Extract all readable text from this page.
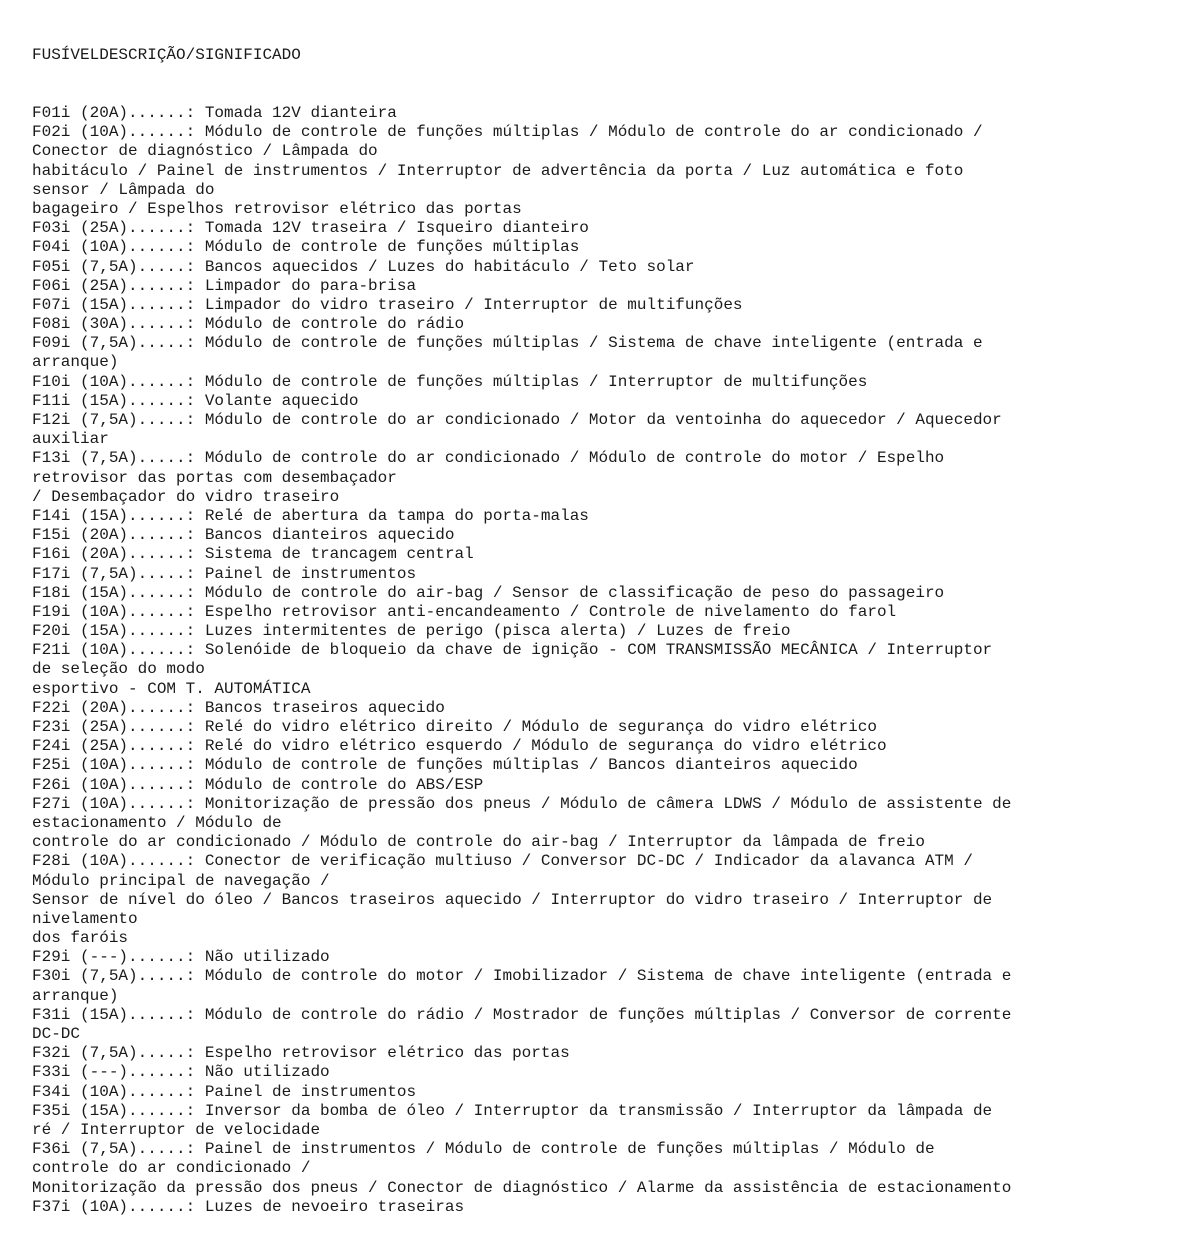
FUSÍVELDESCRIÇÃO/SIGNIFICADO

F01i (20A)......: Tomada 12V dianteira
F02i (10A)......: Módulo de controle de funções múltiplas / Módulo de controle do ar condicionado /
Conector de diagnóstico / Lâmpada do
habitáculo / Painel de instrumentos / Interruptor de advertência da porta / Luz automática e foto
sensor / Lâmpada do
bagageiro / Espelhos retrovisor elétrico das portas
F03i (25A)......: Tomada 12V traseira / Isqueiro dianteiro
F04i (10A)......: Módulo de controle de funções múltiplas
F05i (7,5A).....: Bancos aquecidos / Luzes do habitáculo / Teto solar
F06i (25A)......: Limpador do para-brisa
F07i (15A)......: Limpador do vidro traseiro / Interruptor de multifunções
F08i (30A)......: Módulo de controle do rádio
F09i (7,5A).....: Módulo de controle de funções múltiplas / Sistema de chave inteligente (entrada e
arranque)
F10i (10A)......: Módulo de controle de funções múltiplas / Interruptor de multifunções
F11i (15A)......: Volante aquecido
F12i (7,5A).....: Módulo de controle do ar condicionado / Motor da ventoinha do aquecedor / Aquecedor
auxiliar
F13i (7,5A).....: Módulo de controle do ar condicionado / Módulo de controle do motor / Espelho
retrovisor das portas com desembaçador
/ Desembaçador do vidro traseiro
F14i (15A)......: Relé de abertura da tampa do porta-malas
F15i (20A)......: Bancos dianteiros aquecido
F16i (20A)......: Sistema de trancagem central
F17i (7,5A).....: Painel de instrumentos
F18i (15A)......: Módulo de controle do air-bag / Sensor de classificação de peso do passageiro
F19i (10A)......: Espelho retrovisor anti-encandeamento / Controle de nivelamento do farol
F20i (15A)......: Luzes intermitentes de perigo (pisca alerta) / Luzes de freio
F21i (10A)......: Solenóide de bloqueio da chave de ignição - COM TRANSMISSÃO MECÂNICA / Interruptor
de seleção do modo
esportivo - COM T. AUTOMÁTICA
F22i (20A)......: Bancos traseiros aquecido
F23i (25A)......: Relé do vidro elétrico direito / Módulo de segurança do vidro elétrico
F24i (25A)......: Relé do vidro elétrico esquerdo / Módulo de segurança do vidro elétrico
F25i (10A)......: Módulo de controle de funções múltiplas / Bancos dianteiros aquecido
F26i (10A)......: Módulo de controle do ABS/ESP
F27i (10A)......: Monitorização de pressão dos pneus / Módulo de câmera LDWS / Módulo de assistente de
estacionamento / Módulo de
controle do ar condicionado / Módulo de controle do air-bag / Interruptor da lâmpada de freio
F28i (10A)......: Conector de verificação multiuso / Conversor DC-DC / Indicador da alavanca ATM /
Módulo principal de navegação /
Sensor de nível do óleo / Bancos traseiros aquecido / Interruptor do vidro traseiro / Interruptor de
nivelamento
dos faróis
F29i (---)......: Não utilizado
F30i (7,5A).....: Módulo de controle do motor / Imobilizador / Sistema de chave inteligente (entrada e
arranque)
F31i (15A)......: Módulo de controle do rádio / Mostrador de funções múltiplas / Conversor de corrente
DC-DC
F32i (7,5A).....: Espelho retrovisor elétrico das portas
F33i (---)......: Não utilizado
F34i (10A)......: Painel de instrumentos
F35i (15A)......: Inversor da bomba de óleo / Interruptor da transmissão / Interruptor da lâmpada de
ré / Interruptor de velocidade
F36i (7,5A).....: Painel de instrumentos / Módulo de controle de funções múltiplas / Módulo de
controle do ar condicionado /
Monitorização da pressão dos pneus / Conector de diagnóstico / Alarme da assistência de estacionamento
F37i (10A)......: Luzes de nevoeiro traseiras
